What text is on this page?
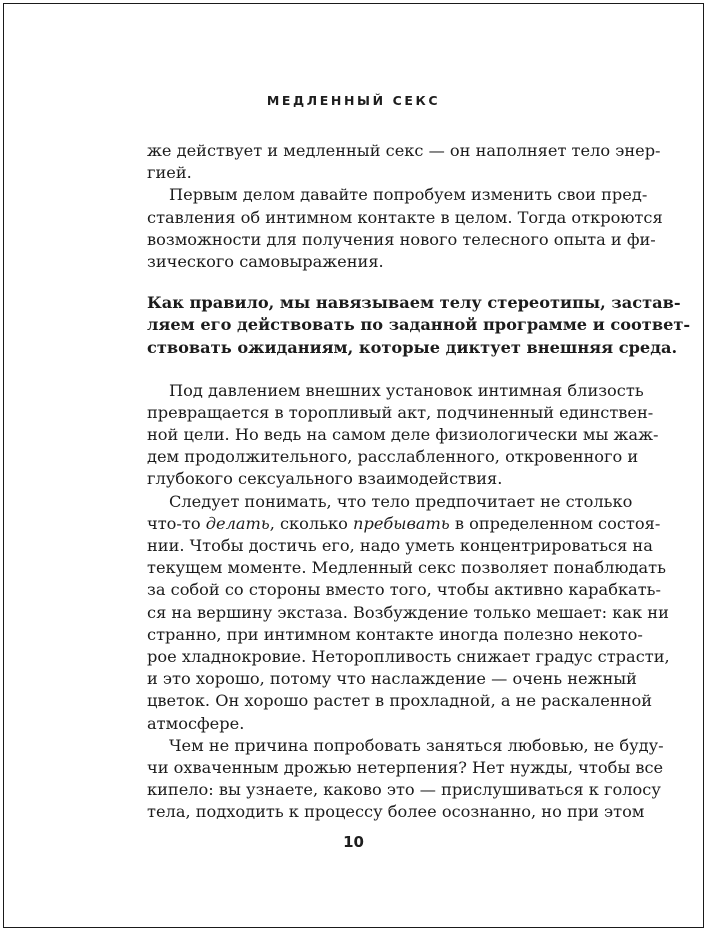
МЕДЛЕННЫЙ СЕКС
же действует и медленный секс — он наполняет тело энер-
гией.
Первым делом давайте попробуем изменить свои пред-
ставления об интимном контакте в целом. Тогда откроются
возможности для получения нового телесного опыта и фи-
зического самовыражения.
Как правило, мы навязываем телу стереотипы, застав-
ляем его действовать по заданной программе и соответ-
ствовать ожиданиям, которые диктует внешняя среда.
Под давлением внешних установок интимная близость
превращается в торопливый акт, подчиненный единствен-
ной цели. Но ведь на самом деле физиологически мы жаж-
дем продолжительного, расслабленного, откровенного и
глубокого сексуального взаимодействия.
Следует понимать, что тело предпочитает не столько
что-то делать, сколько пребывать в определенном состоя-
нии. Чтобы достичь его, надо уметь концентрироваться на
текущем моменте. Медленный секс позволяет понаблюдать
за собой со стороны вместо того, чтобы активно карабкать-
ся на вершину экстаза. Возбуждение только мешает: как ни
странно, при интимном контакте иногда полезно некото-
рое хладнокровие. Неторопливость снижает градус страсти,
и это хорошо, потому что наслаждение — очень нежный
цветок. Он хорошо растет в прохладной, а не раскаленной
атмосфере.
Чем не причина попробовать заняться любовью, не буду-
чи охваченным дрожью нетерпения? Нет нужды, чтобы все
кипело: вы узнаете, каково это — прислушиваться к голосу
тела, подходить к процессу более осознанно, но при этом
10
